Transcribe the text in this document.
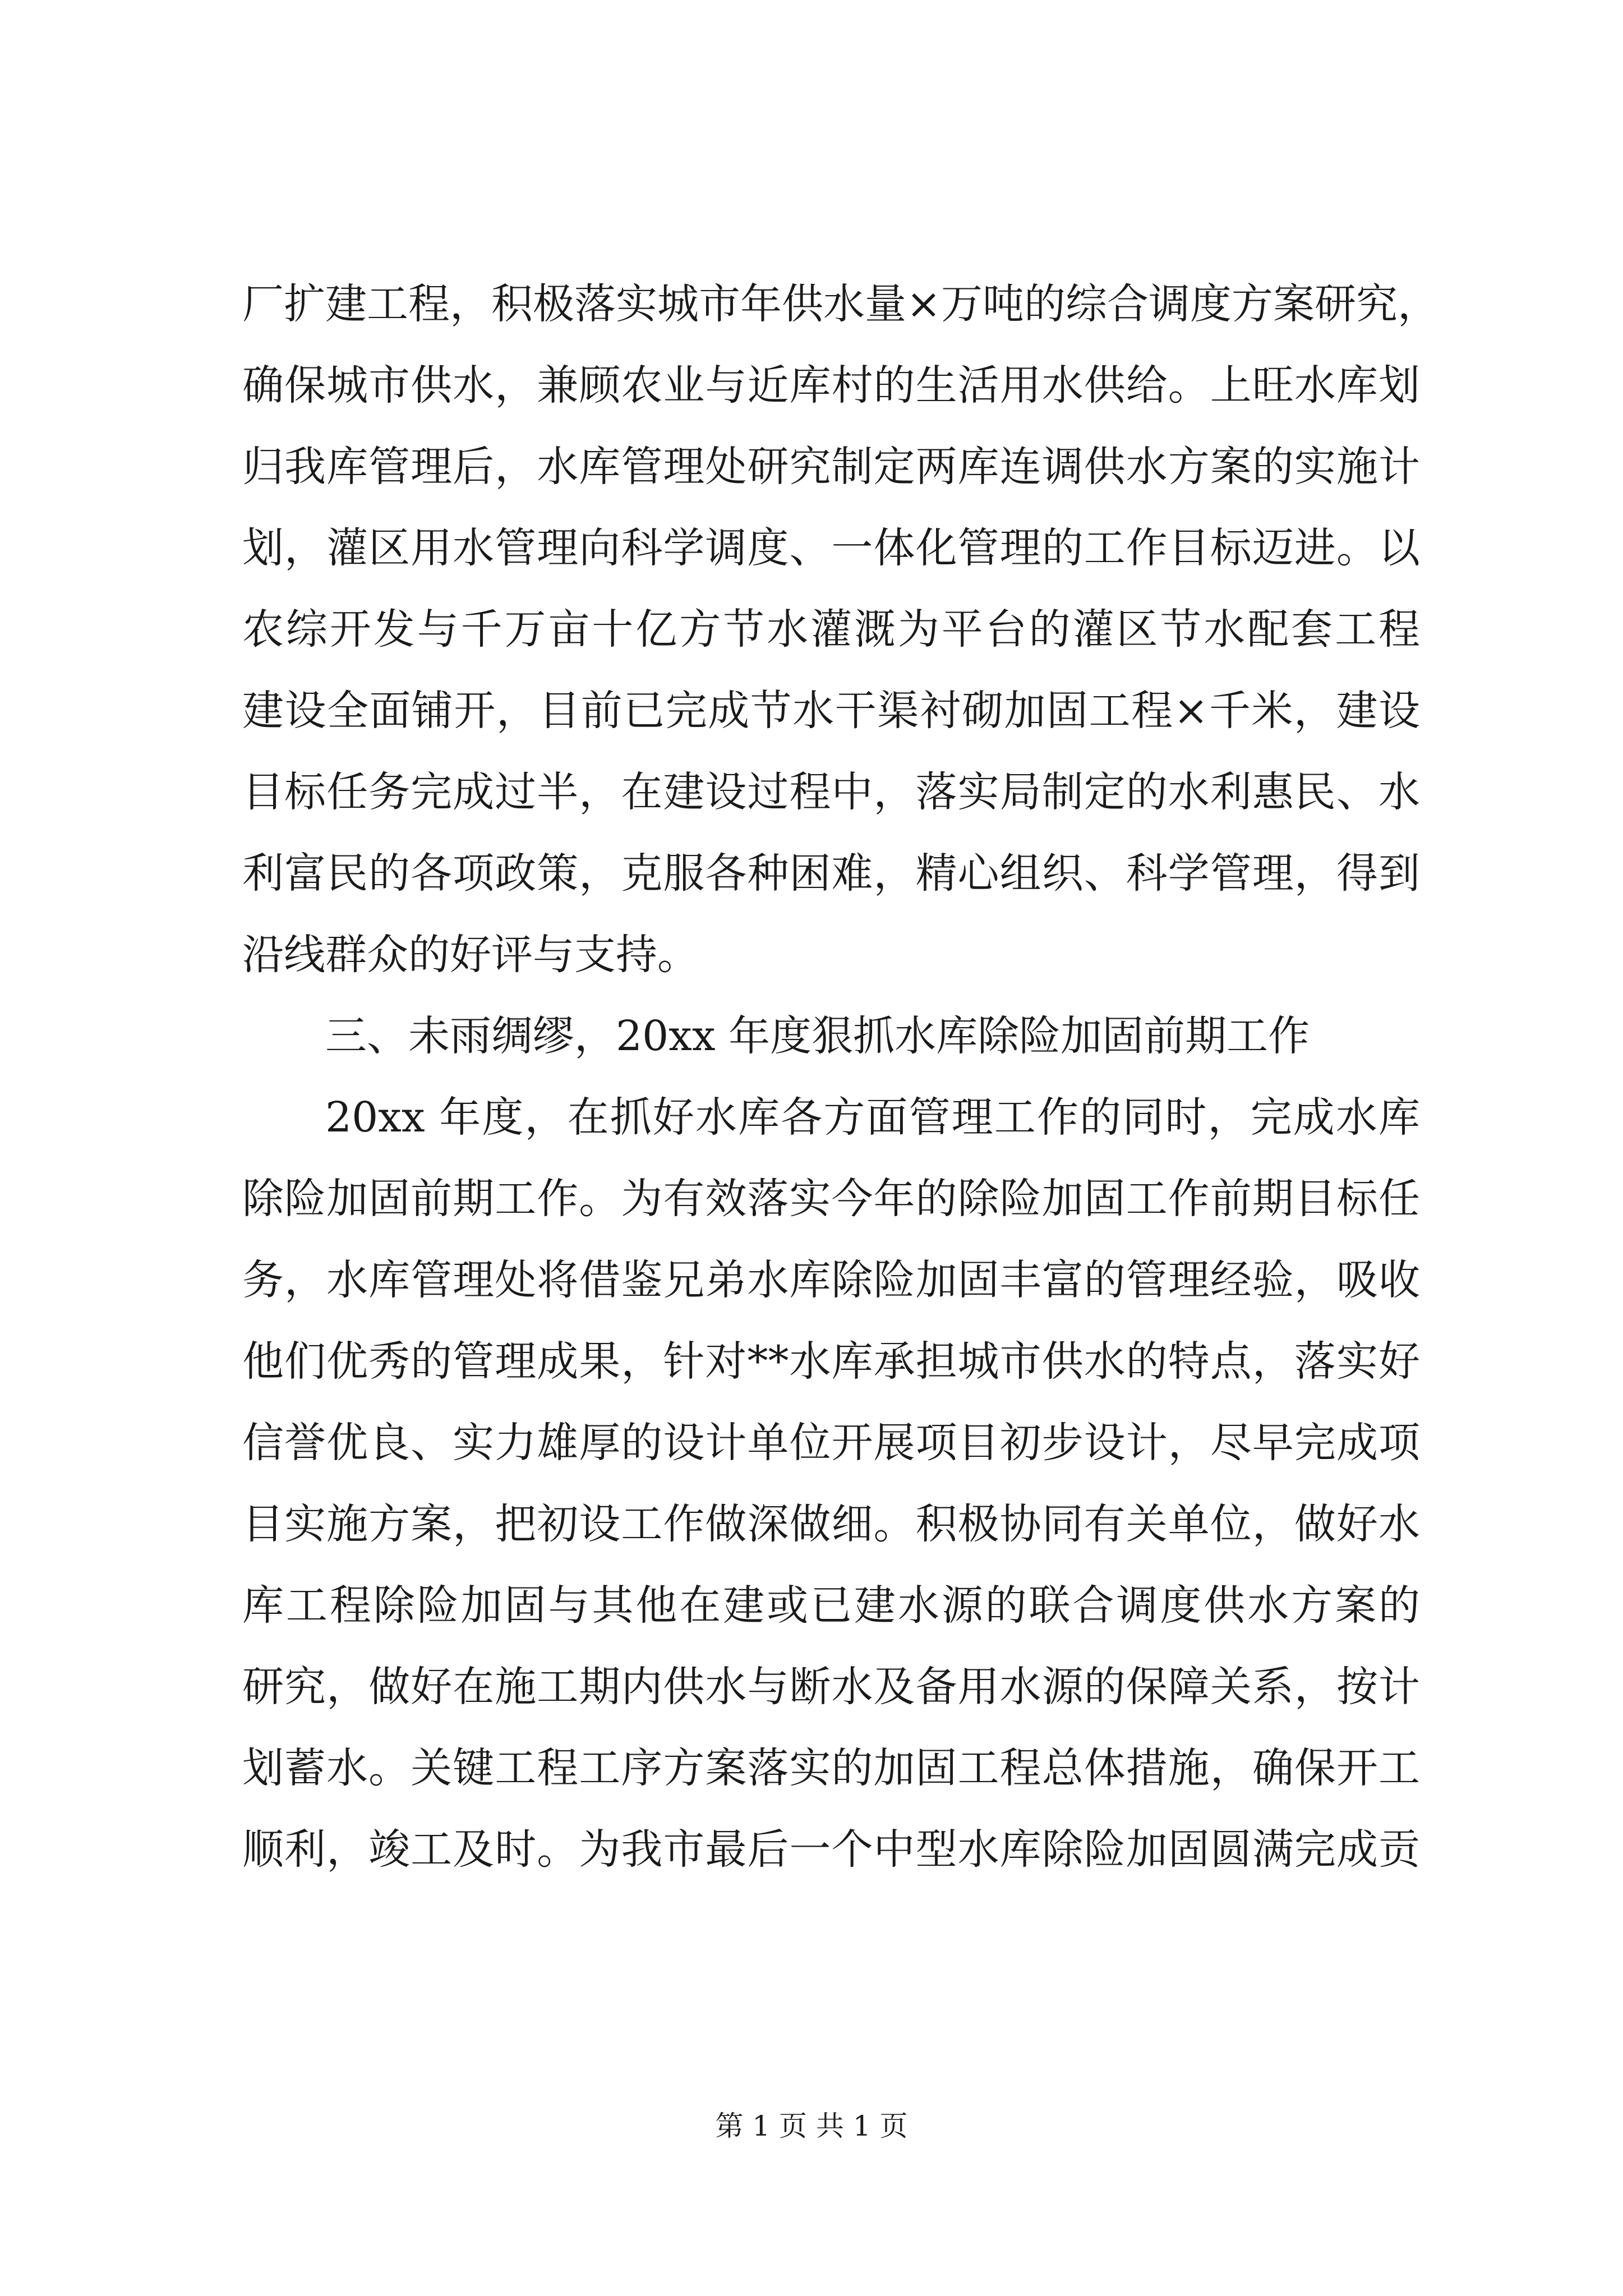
厂扩建工程，积极落实城市年供水量×万吨的综合调度方案研究，
确保城市供水，兼顾农业与近库村的生活用水供给。上旺水库划
归我库管理后，水库管理处研究制定两库连调供水方案的实施计
划，灌区用水管理向科学调度、一体化管理的工作目标迈进。以
农综开发与千万亩十亿方节水灌溉为平台的灌区节水配套工程
建设全面铺开，目前已完成节水干渠衬砌加固工程×千米，建设
目标任务完成过半，在建设过程中，落实局制定的水利惠民、水
利富民的各项政策，克服各种困难，精心组织、科学管理，得到
沿线群众的好评与支持。
三、未雨绸缪，20xx 年度狠抓水库除险加固前期工作
20xx 年度，在抓好水库各方面管理工作的同时，完成水库
除险加固前期工作。为有效落实今年的除险加固工作前期目标任
务，水库管理处将借鉴兄弟水库除险加固丰富的管理经验，吸收
他们优秀的管理成果，针对**水库承担城市供水的特点，落实好
信誉优良、实力雄厚的设计单位开展项目初步设计，尽早完成项
目实施方案，把初设工作做深做细。积极协同有关单位，做好水
库工程除险加固与其他在建或已建水源的联合调度供水方案的
研究，做好在施工期内供水与断水及备用水源的保障关系，按计
划蓄水。关键工程工序方案落实的加固工程总体措施，确保开工
顺利，竣工及时。为我市最后一个中型水库除险加固圆满完成贡
第 1 页 共 1 页
